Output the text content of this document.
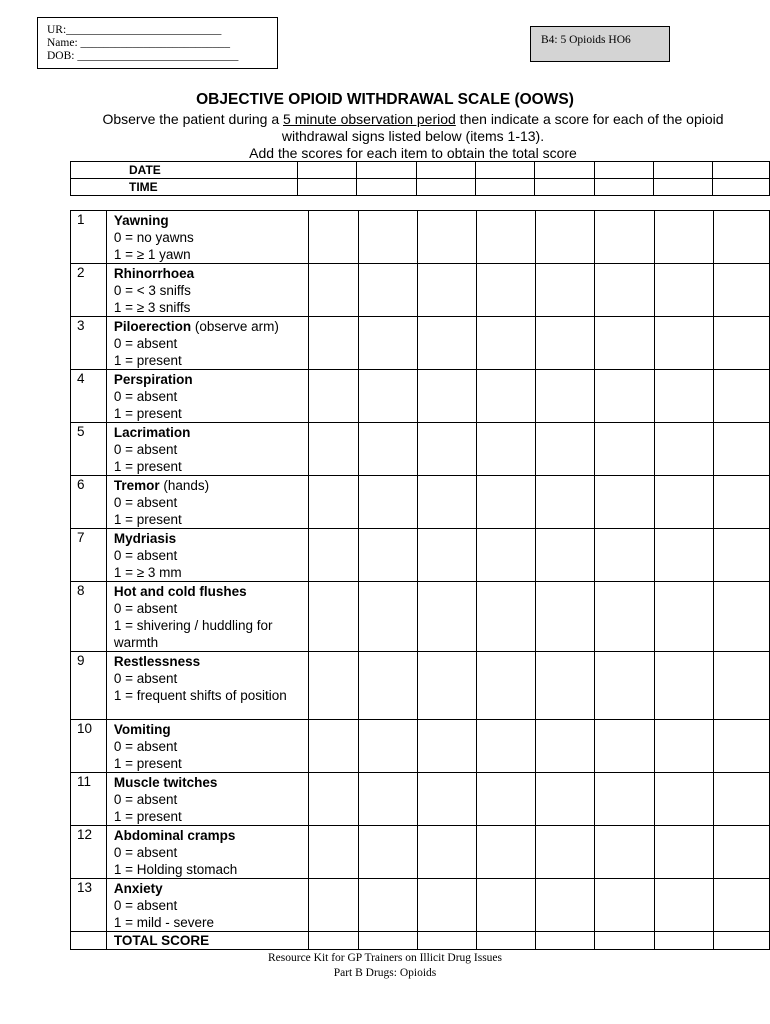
UR:___________________________
Name: __________________________
DOB: ____________________________
B4: 5 Opioids HO6
OBJECTIVE OPIOID WITHDRAWAL SCALE (OOWS)
Observe the patient during a 5 minute observation period then indicate a score for each of the opioid withdrawal signs listed below (items 1-13).
Add the scores for each item to obtain the total score
DATE								
TIME								
1	Yawning
0 = no yawns
1 = ≥ 1 yawn								

2	Rhinorrhoea
0 = < 3 sniffs
1 = ≥ 3 sniffs								

3	Piloerection (observe arm)
0 = absent
1 = present								

4	Perspiration
0 = absent
1 = present								

5	Lacrimation
0 = absent
1 = present								

6	Tremor (hands)
0 = absent
1 = present								

7	Mydriasis
0 = absent
1 = ≥ 3 mm								

8	Hot and cold flushes
0 = absent
1 = shivering / huddling for warmth								

9	Restlessness
0 = absent
1 = frequent shifts of position								

10	Vomiting
0 = absent
1 = present								

11	Muscle twitches
0 = absent
1 = present								

12	Abdominal cramps
0 = absent
1 = Holding stomach								

13	Anxiety
0 = absent
1 = mild - severe								

	TOTAL SCORE								
Resource Kit for GP Trainers on Illicit Drug Issues
Part B Drugs: Opioids
